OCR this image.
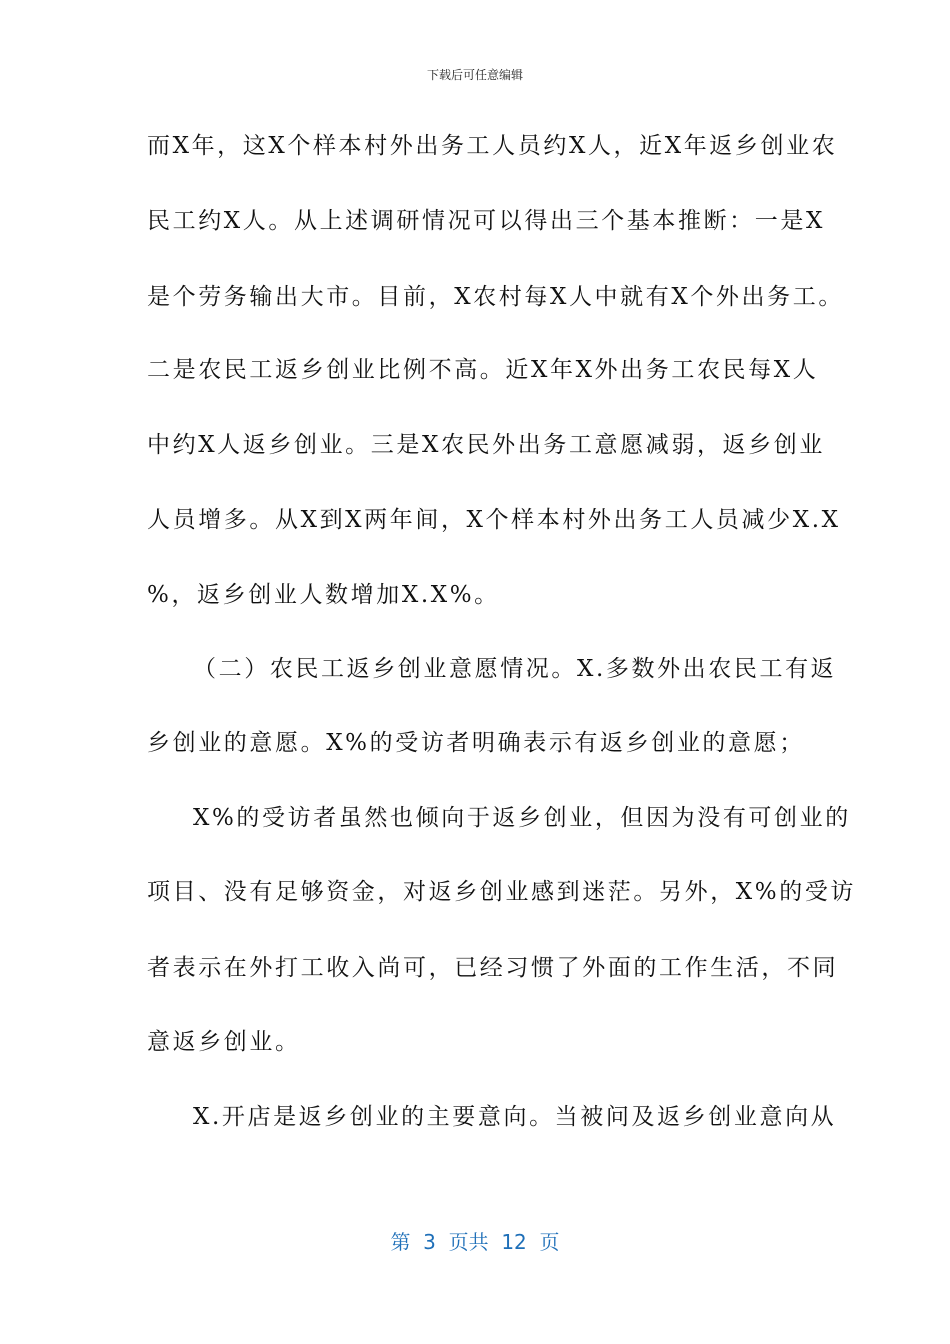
下载后可任意编辑
而X年，这X个样本村外出务工人员约X人，近X年返乡创业农
民工约X人。从上述调研情况可以得出三个基本推断：一是X
是个劳务输出大市。目前，X农村每X人中就有X个外出务工。
二是农民工返乡创业比例不高。近X年X外出务工农民每X人
中约X人返乡创业。三是X农民外出务工意愿减弱，返乡创业
人员增多。从X到X两年间，X个样本村外出务工人员减少X.X
%，返乡创业人数增加X.X%。
（二）农民工返乡创业意愿情况。X.多数外出农民工有返
乡创业的意愿。X%的受访者明确表示有返乡创业的意愿；
X%的受访者虽然也倾向于返乡创业，但因为没有可创业的
项目、没有足够资金，对返乡创业感到迷茫。另外，X%的受访
者表示在外打工收入尚可，已经习惯了外面的工作生活，不同
意返乡创业。
X.开店是返乡创业的主要意向。当被问及返乡创业意向从
第  3  页共  12  页
